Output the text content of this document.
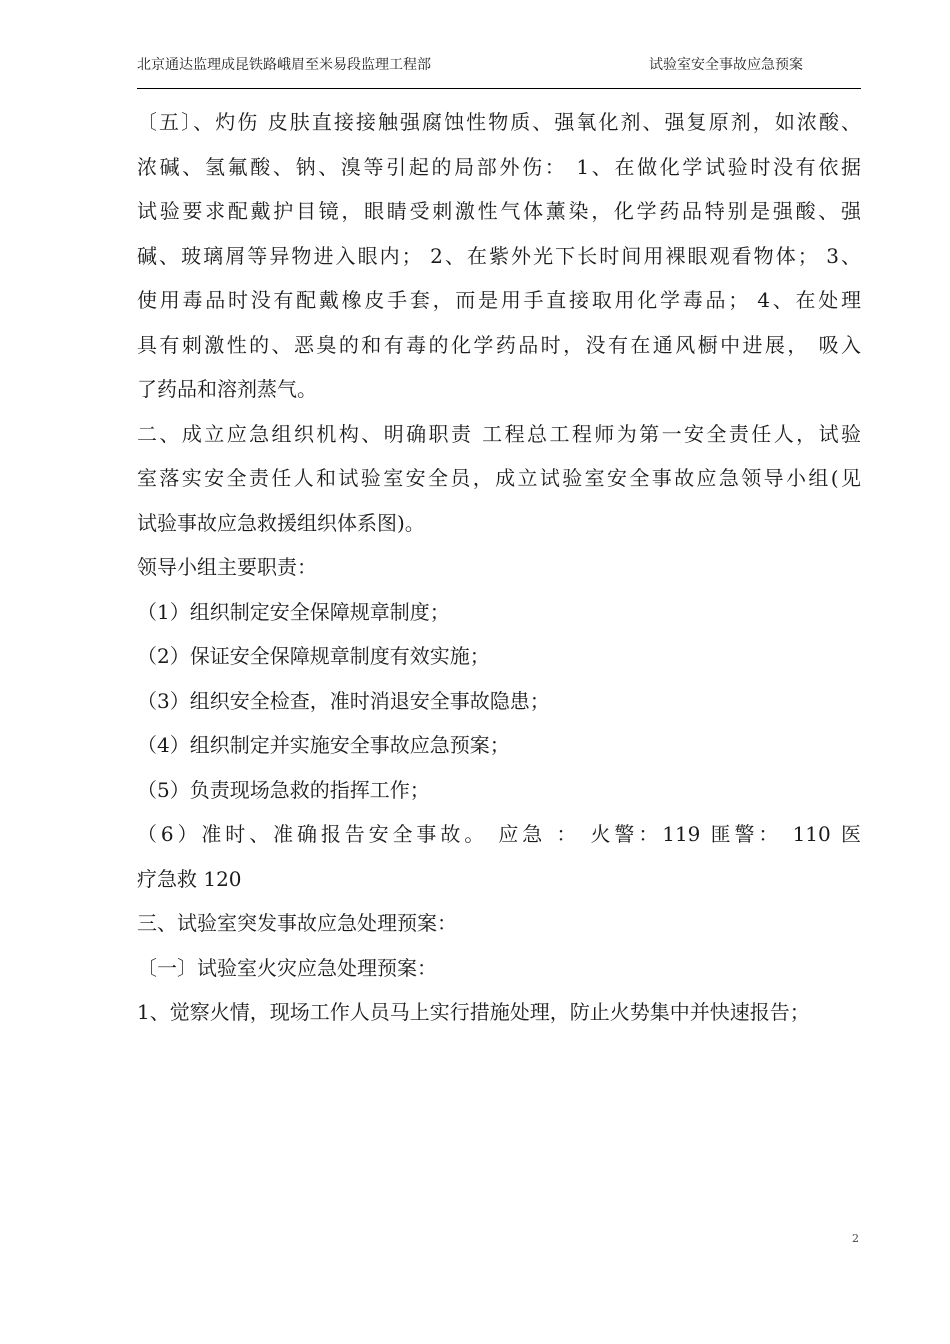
北京通达监理成昆铁路峨眉至米易段监理工程部	试验室安全事故应急预案
〔五〕、灼伤 皮肤直接接触强腐蚀性物质、强氧化剂、强复原剂，如浓酸、
浓碱、氢氟酸、钠、溴等引起的局部外伤： 1、在做化学试验时没有依据
试验要求配戴护目镜，眼睛受刺激性气体薰染，化学药品特别是强酸、强
碱、玻璃屑等异物进入眼内； 2、在紫外光下长时间用裸眼观看物体； 3、
使用毒品时没有配戴橡皮手套，而是用手直接取用化学毒品； 4、在处理
具有刺激性的、恶臭的和有毒的化学药品时，没有在通风橱中进展， 吸入
了药品和溶剂蒸气。
二、成立应急组织机构、明确职责 工程总工程师为第一安全责任人，试验
室落实安全责任人和试验室安全员，成立试验室安全事故应急领导小组(见
试验事故应急救援组织体系图)。
领导小组主要职责：
（1）组织制定安全保障规章制度；
（2）保证安全保障规章制度有效实施；
（3）组织安全检查，准时消退安全事故隐患；
（4）组织制定并实施安全事故应急预案；
（5）负责现场急救的指挥工作；
（6）准时、准确报告安全事故。 应急 ： 火警：119 匪警： 110 医
疗急救 120
三、试验室突发事故应急处理预案：
〔一〕试验室火灾应急处理预案：
1、觉察火情，现场工作人员马上实行措施处理，防止火势集中并快速报告；
2
